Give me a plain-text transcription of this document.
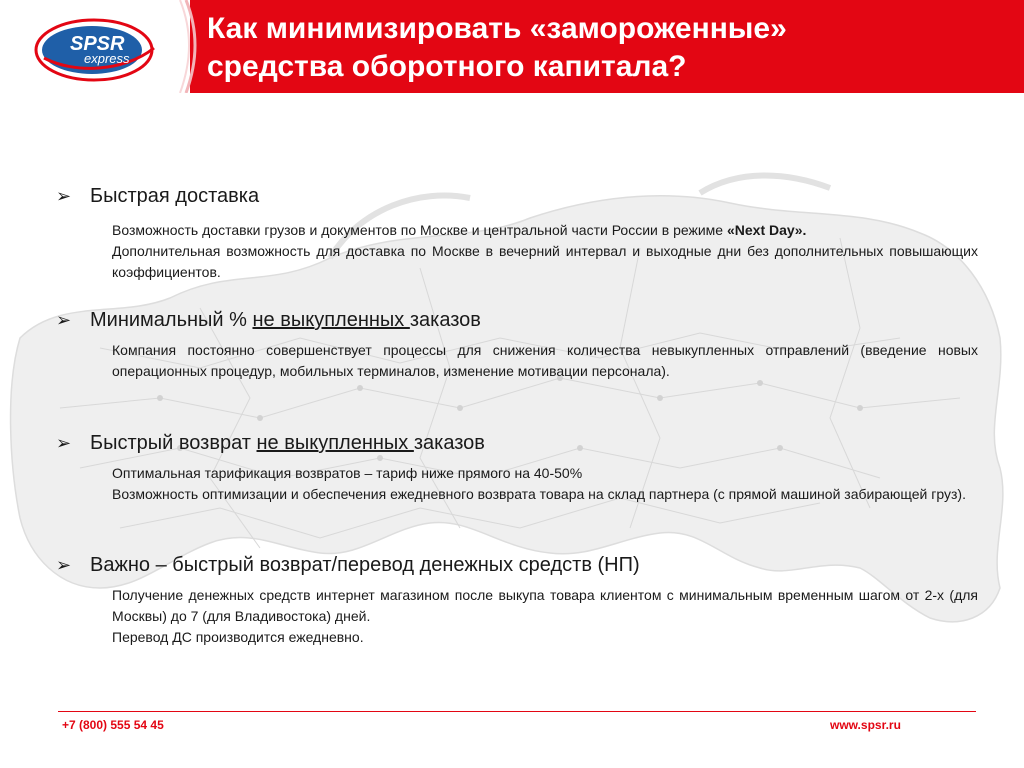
SPSR
express
Как минимизировать «замороженные»
средства оборотного капитала?
➢ Быстрая доставка

Возможность доставки грузов и документов по Москве и центральной части России в режиме «Next Day».

Дополнительная возможность для доставка по Москве в вечерний интервал и выходные дни без дополнительных повышающих коэффициентов.

➢ Минимальный % не выкупленных заказов

Компания постоянно совершенствует процессы для снижения количества невыкупленных отправлений (введение новых операционных процедур, мобильных терминалов, изменение мотивации персонала).

➢ Быстрый возврат не выкупленных заказов

Оптимальная тарификация возвратов – тариф ниже прямого на 40-50%

Возможность оптимизации и обеспечения ежедневного возврата товара на склад партнера (с прямой машиной забирающей груз).

➢ Важно – быстрый возврат/перевод денежных средств (НП)

Получение денежных средств интернет магазином после выкупа товара клиентом с минимальным временным шагом от 2-х (для Москвы) до 7 (для Владивостока) дней.

Перевод ДС производится ежедневно.

+7 (800) 555 54 45	www.spsr.ru
